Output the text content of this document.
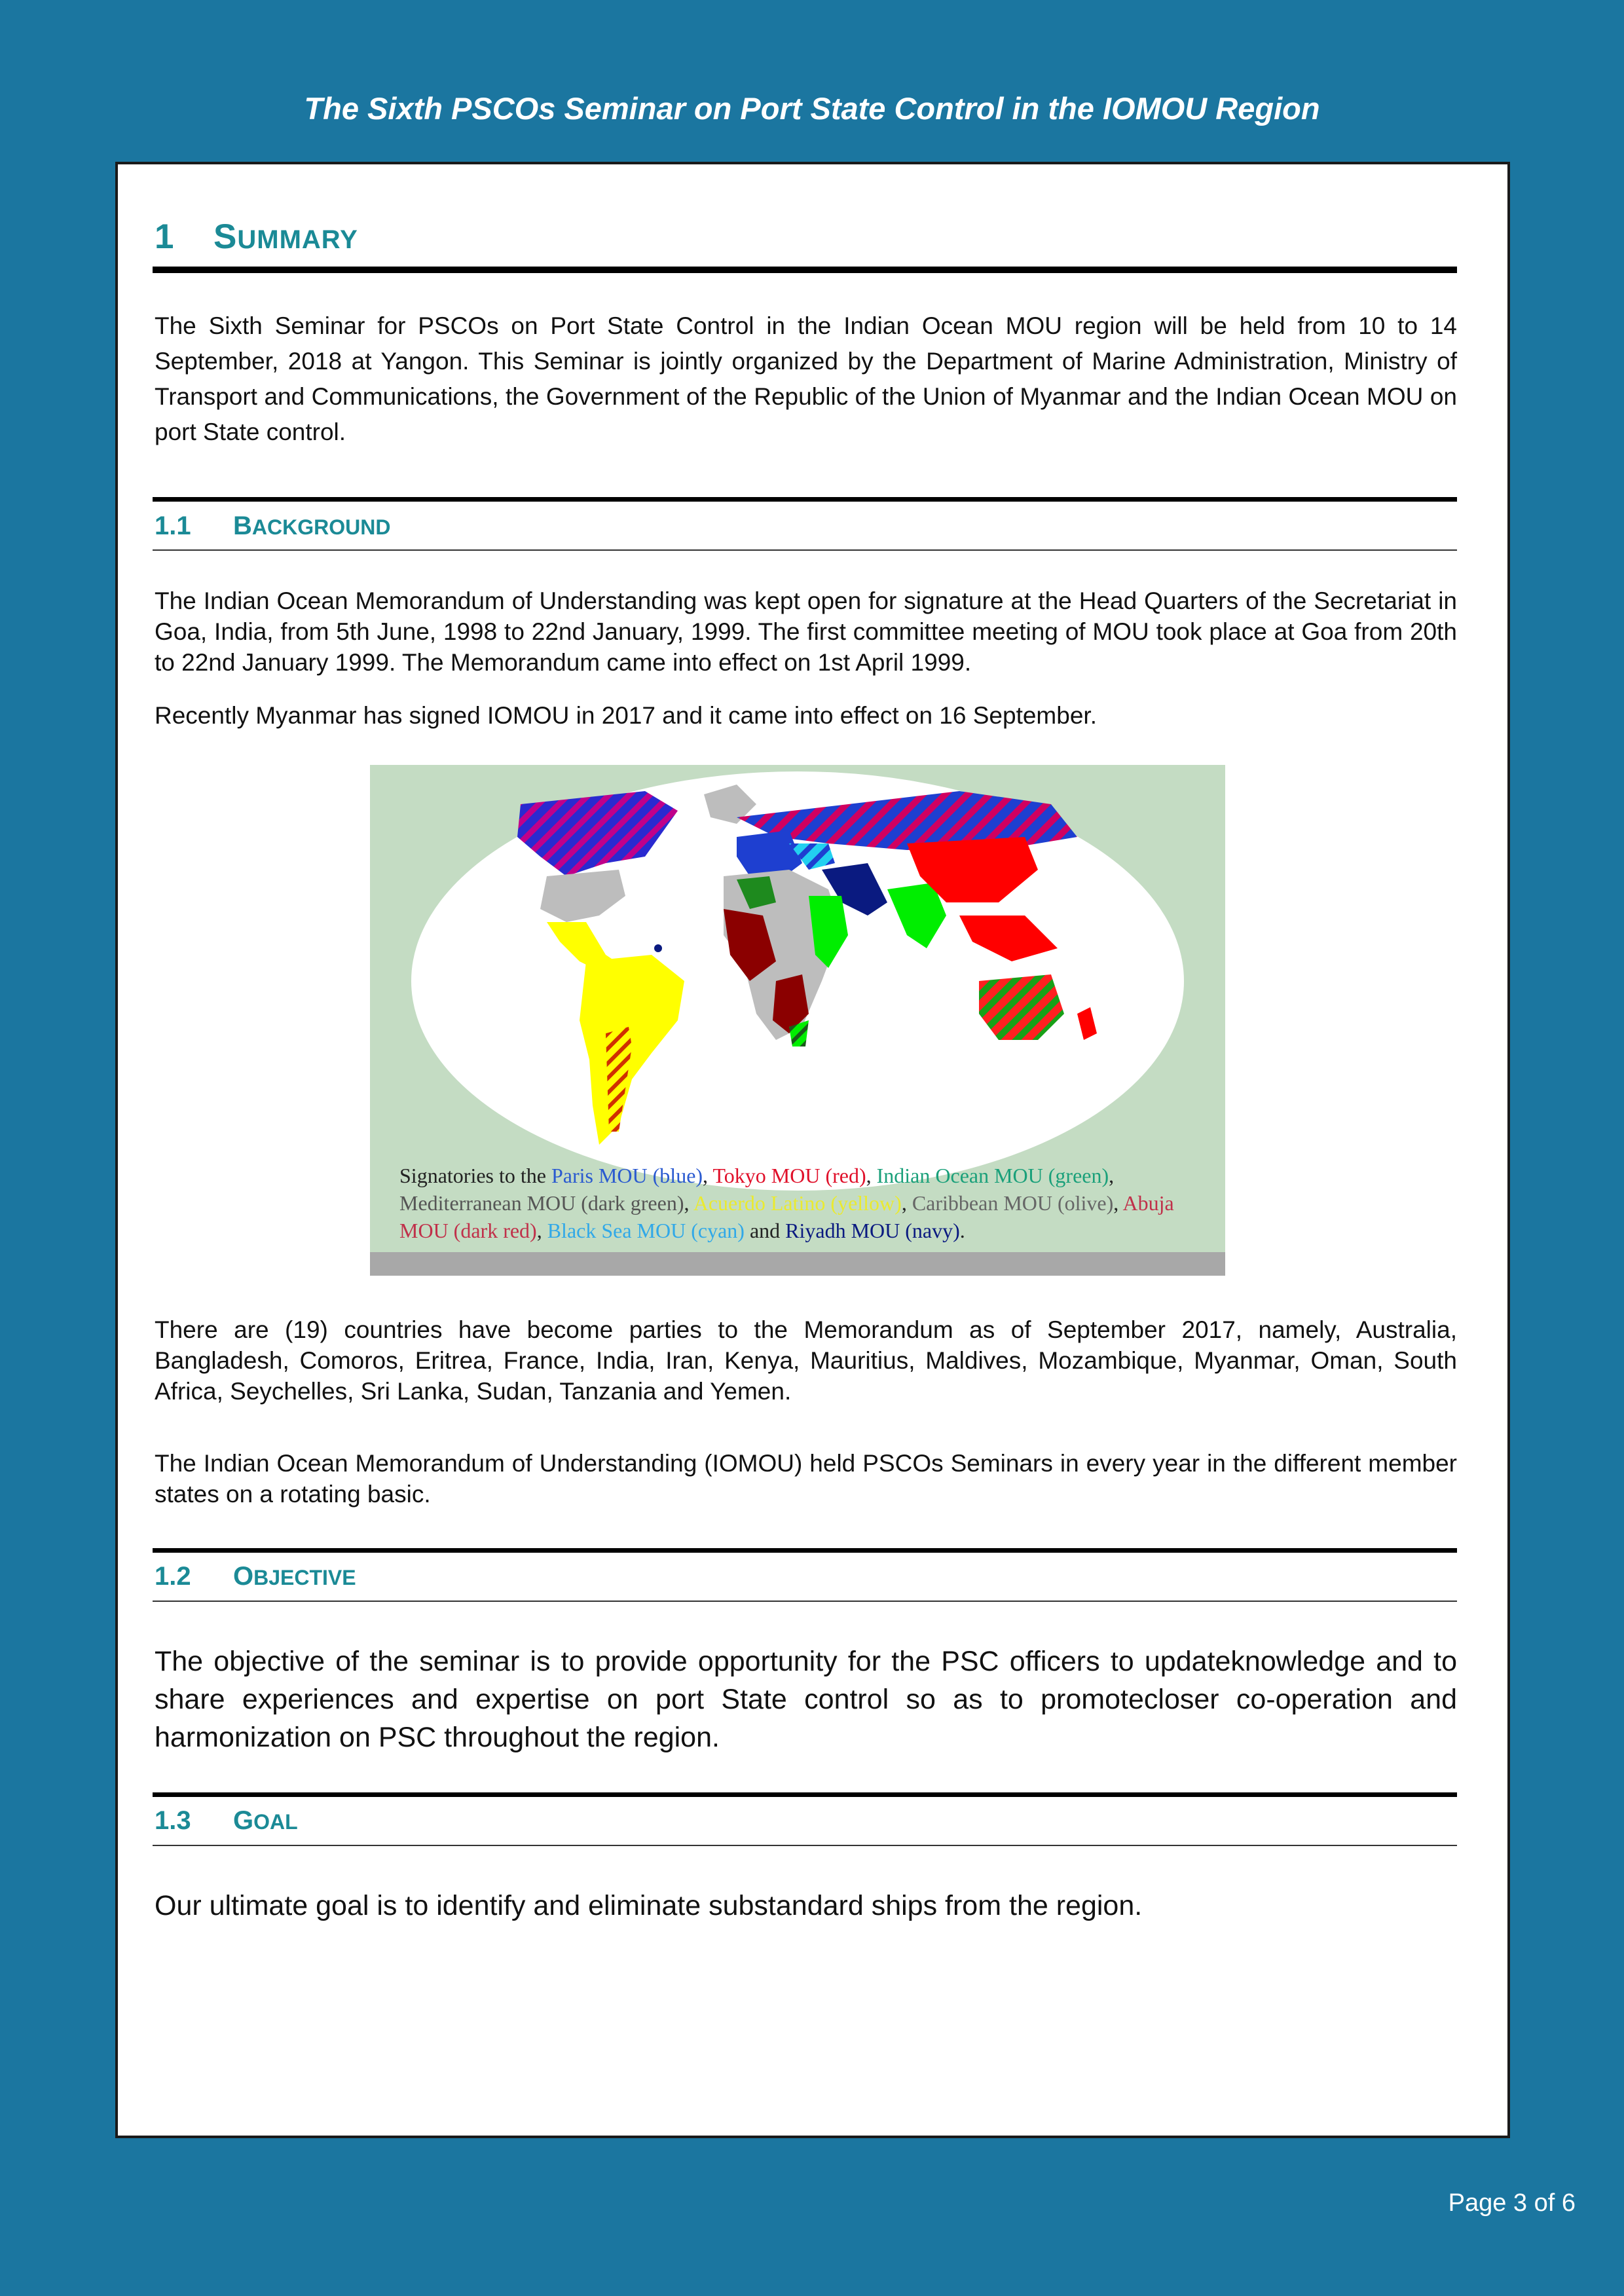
The Sixth PSCOs Seminar on Port State Control in the IOMOU Region
1 SUMMARY
The Sixth Seminar for PSCOs on Port State Control in the Indian Ocean MOU region will be held from 10 to 14 September, 2018 at Yangon. This Seminar is jointly organized by the Department of Marine Administration, Ministry of Transport and Communications, the Government of the Republic of the Union of Myanmar and the Indian Ocean MOU on port State control.
1.1 BACKGROUND
The Indian Ocean Memorandum of Understanding was kept open for signature at the Head Quarters of the Secretariat in Goa, India, from 5th June, 1998 to 22nd January, 1999. The first committee meeting of MOU took place at Goa from 20th to 22nd January 1999. The Memorandum came into effect on 1st April 1999.
Recently Myanmar has signed IOMOU in 2017 and it came into effect on 16 September.
Signatories to the Paris MOU (blue), Tokyo MOU (red), Indian Ocean MOU (green), Mediterranean MOU (dark green), Acuerdo Latino (yellow), Caribbean MOU (olive), Abuja MOU (dark red), Black Sea MOU (cyan) and Riyadh MOU (navy).
There are (19) countries have become parties to the Memorandum as of September 2017, namely, Australia, Bangladesh, Comoros, Eritrea, France, India, Iran, Kenya, Mauritius, Maldives, Mozambique, Myanmar, Oman, South Africa, Seychelles, Sri Lanka, Sudan, Tanzania and Yemen.
The Indian Ocean Memorandum of Understanding (IOMOU) held PSCOs Seminars in every year in the different member states on a rotating basic.
1.2 OBJECTIVE
The objective of the seminar is to provide opportunity for the PSC officers to updateknowledge and to share experiences and expertise on port State control so as to promotecloser co-operation and harmonization on PSC throughout the region.
1.3 GOAL
Our ultimate goal is to identify and eliminate substandard ships from the region.
Page 3 of 6
